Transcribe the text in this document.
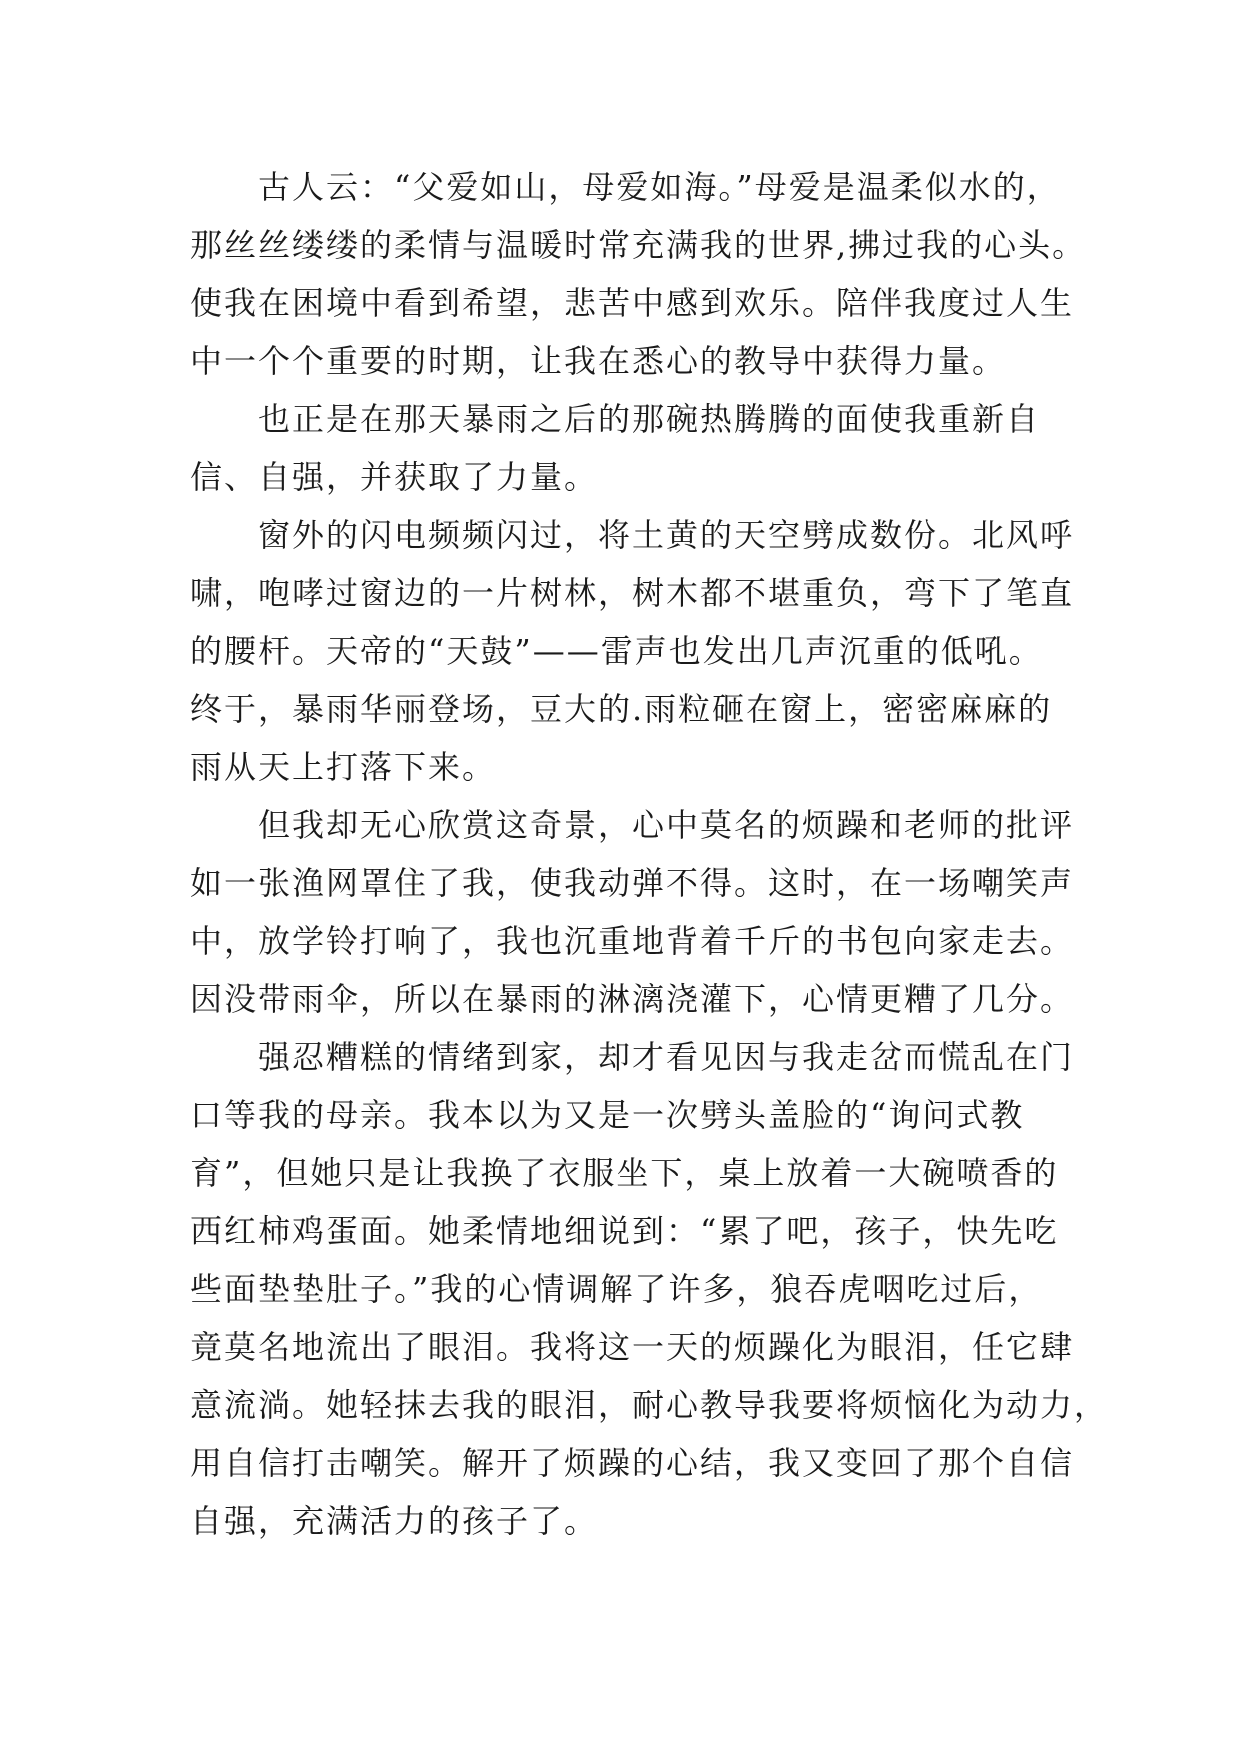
　　古人云：“父爱如山，母爱如海。”母爱是温柔似水的，
那丝丝缕缕的柔情与温暖时常充满我的世界,拂过我的心头。
使我在困境中看到希望，悲苦中感到欢乐。陪伴我度过人生
中一个个重要的时期，让我在悉心的教导中获得力量。
　　也正是在那天暴雨之后的那碗热腾腾的面使我重新自
信、自强，并获取了力量。
　　窗外的闪电频频闪过，将土黄的天空劈成数份。北风呼
啸，咆哮过窗边的一片树林，树木都不堪重负，弯下了笔直
的腰杆。天帝的“天鼓”——雷声也发出几声沉重的低吼。
终于，暴雨华丽登场，豆大的.雨粒砸在窗上，密密麻麻的
雨从天上打落下来。
　　但我却无心欣赏这奇景，心中莫名的烦躁和老师的批评
如一张渔网罩住了我，使我动弹不得。这时，在一场嘲笑声
中，放学铃打响了，我也沉重地背着千斤的书包向家走去。
因没带雨伞，所以在暴雨的淋漓浇灌下，心情更糟了几分。
　　强忍糟糕的情绪到家，却才看见因与我走岔而慌乱在门
口等我的母亲。我本以为又是一次劈头盖脸的“询问式教
育”，但她只是让我换了衣服坐下，桌上放着一大碗喷香的
西红柿鸡蛋面。她柔情地细说到：“累了吧，孩子，快先吃
些面垫垫肚子。”我的心情调解了许多，狼吞虎咽吃过后，
竟莫名地流出了眼泪。我将这一天的烦躁化为眼泪，任它肆
意流淌。她轻抹去我的眼泪，耐心教导我要将烦恼化为动力，
用自信打击嘲笑。解开了烦躁的心结，我又变回了那个自信
自强，充满活力的孩子了。
